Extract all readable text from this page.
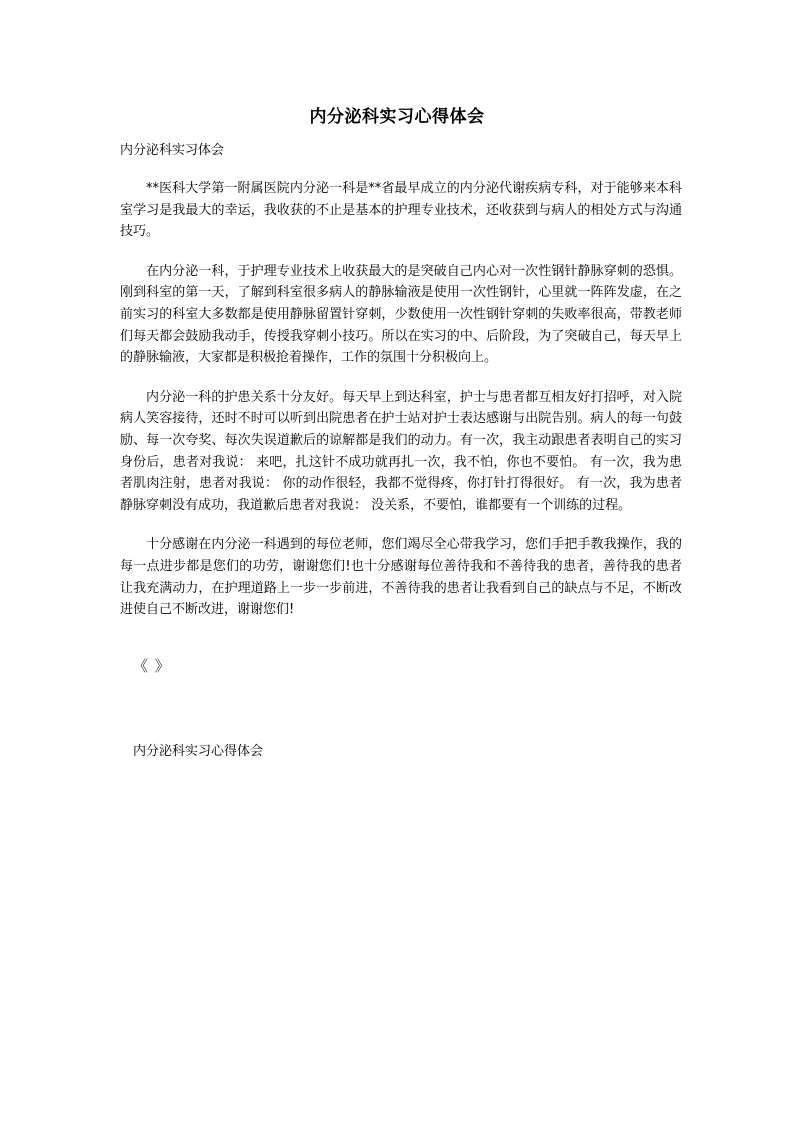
内分泌科实习心得体会
内分泌科实习体会

**医科大学第一附属医院内分泌一科是**省最早成立的内分泌代谢疾病专科，对于能够来本科室学习是我最大的幸运，我收获的不止是基本的护理专业技术，还收获到与病人的相处方式与沟通技巧。

在内分泌一科，于护理专业技术上收获最大的是突破自己内心对一次性钢针静脉穿刺的恐惧。刚到科室的第一天，了解到科室很多病人的静脉输液是使用一次性钢针，心里就一阵阵发虚，在之前实习的科室大多数都是使用静脉留置针穿刺，少数使用一次性钢针穿刺的失败率很高，带教老师们每天都会鼓励我动手，传授我穿刺小技巧。所以在实习的中、后阶段，为了突破自己，每天早上的静脉输液，大家都是积极抢着操作，工作的氛围十分积极向上。

内分泌一科的护患关系十分友好。每天早上到达科室，护士与患者都互相友好打招呼，对入院病人笑容接待，还时不时可以听到出院患者在护士站对护士表达感谢与出院告别。病人的每一句鼓励、每一次夸奖、每次失误道歉后的谅解都是我们的动力。有一次，我主动跟患者表明自己的实习身份后，患者对我说： 来吧，扎这针不成功就再扎一次，我不怕，你也不要怕。 有一次，我为患者肌肉注射，患者对我说： 你的动作很轻，我都不觉得疼，你打针打得很好。 有一次，我为患者静脉穿刺没有成功，我道歉后患者对我说： 没关系，不要怕，谁都要有一个训练的过程。

十分感谢在内分泌一科遇到的每位老师，您们竭尽全心带我学习，您们手把手教我操作，我的每一点进步都是您们的功劳，谢谢您们!也十分感谢每位善待我和不善待我的患者，善待我的患者让我充满动力，在护理道路上一步一步前进，不善待我的患者让我看到自己的缺点与不足，不断改进使自己不断改进，谢谢您们!

《 》
内分泌科实习心得体会
